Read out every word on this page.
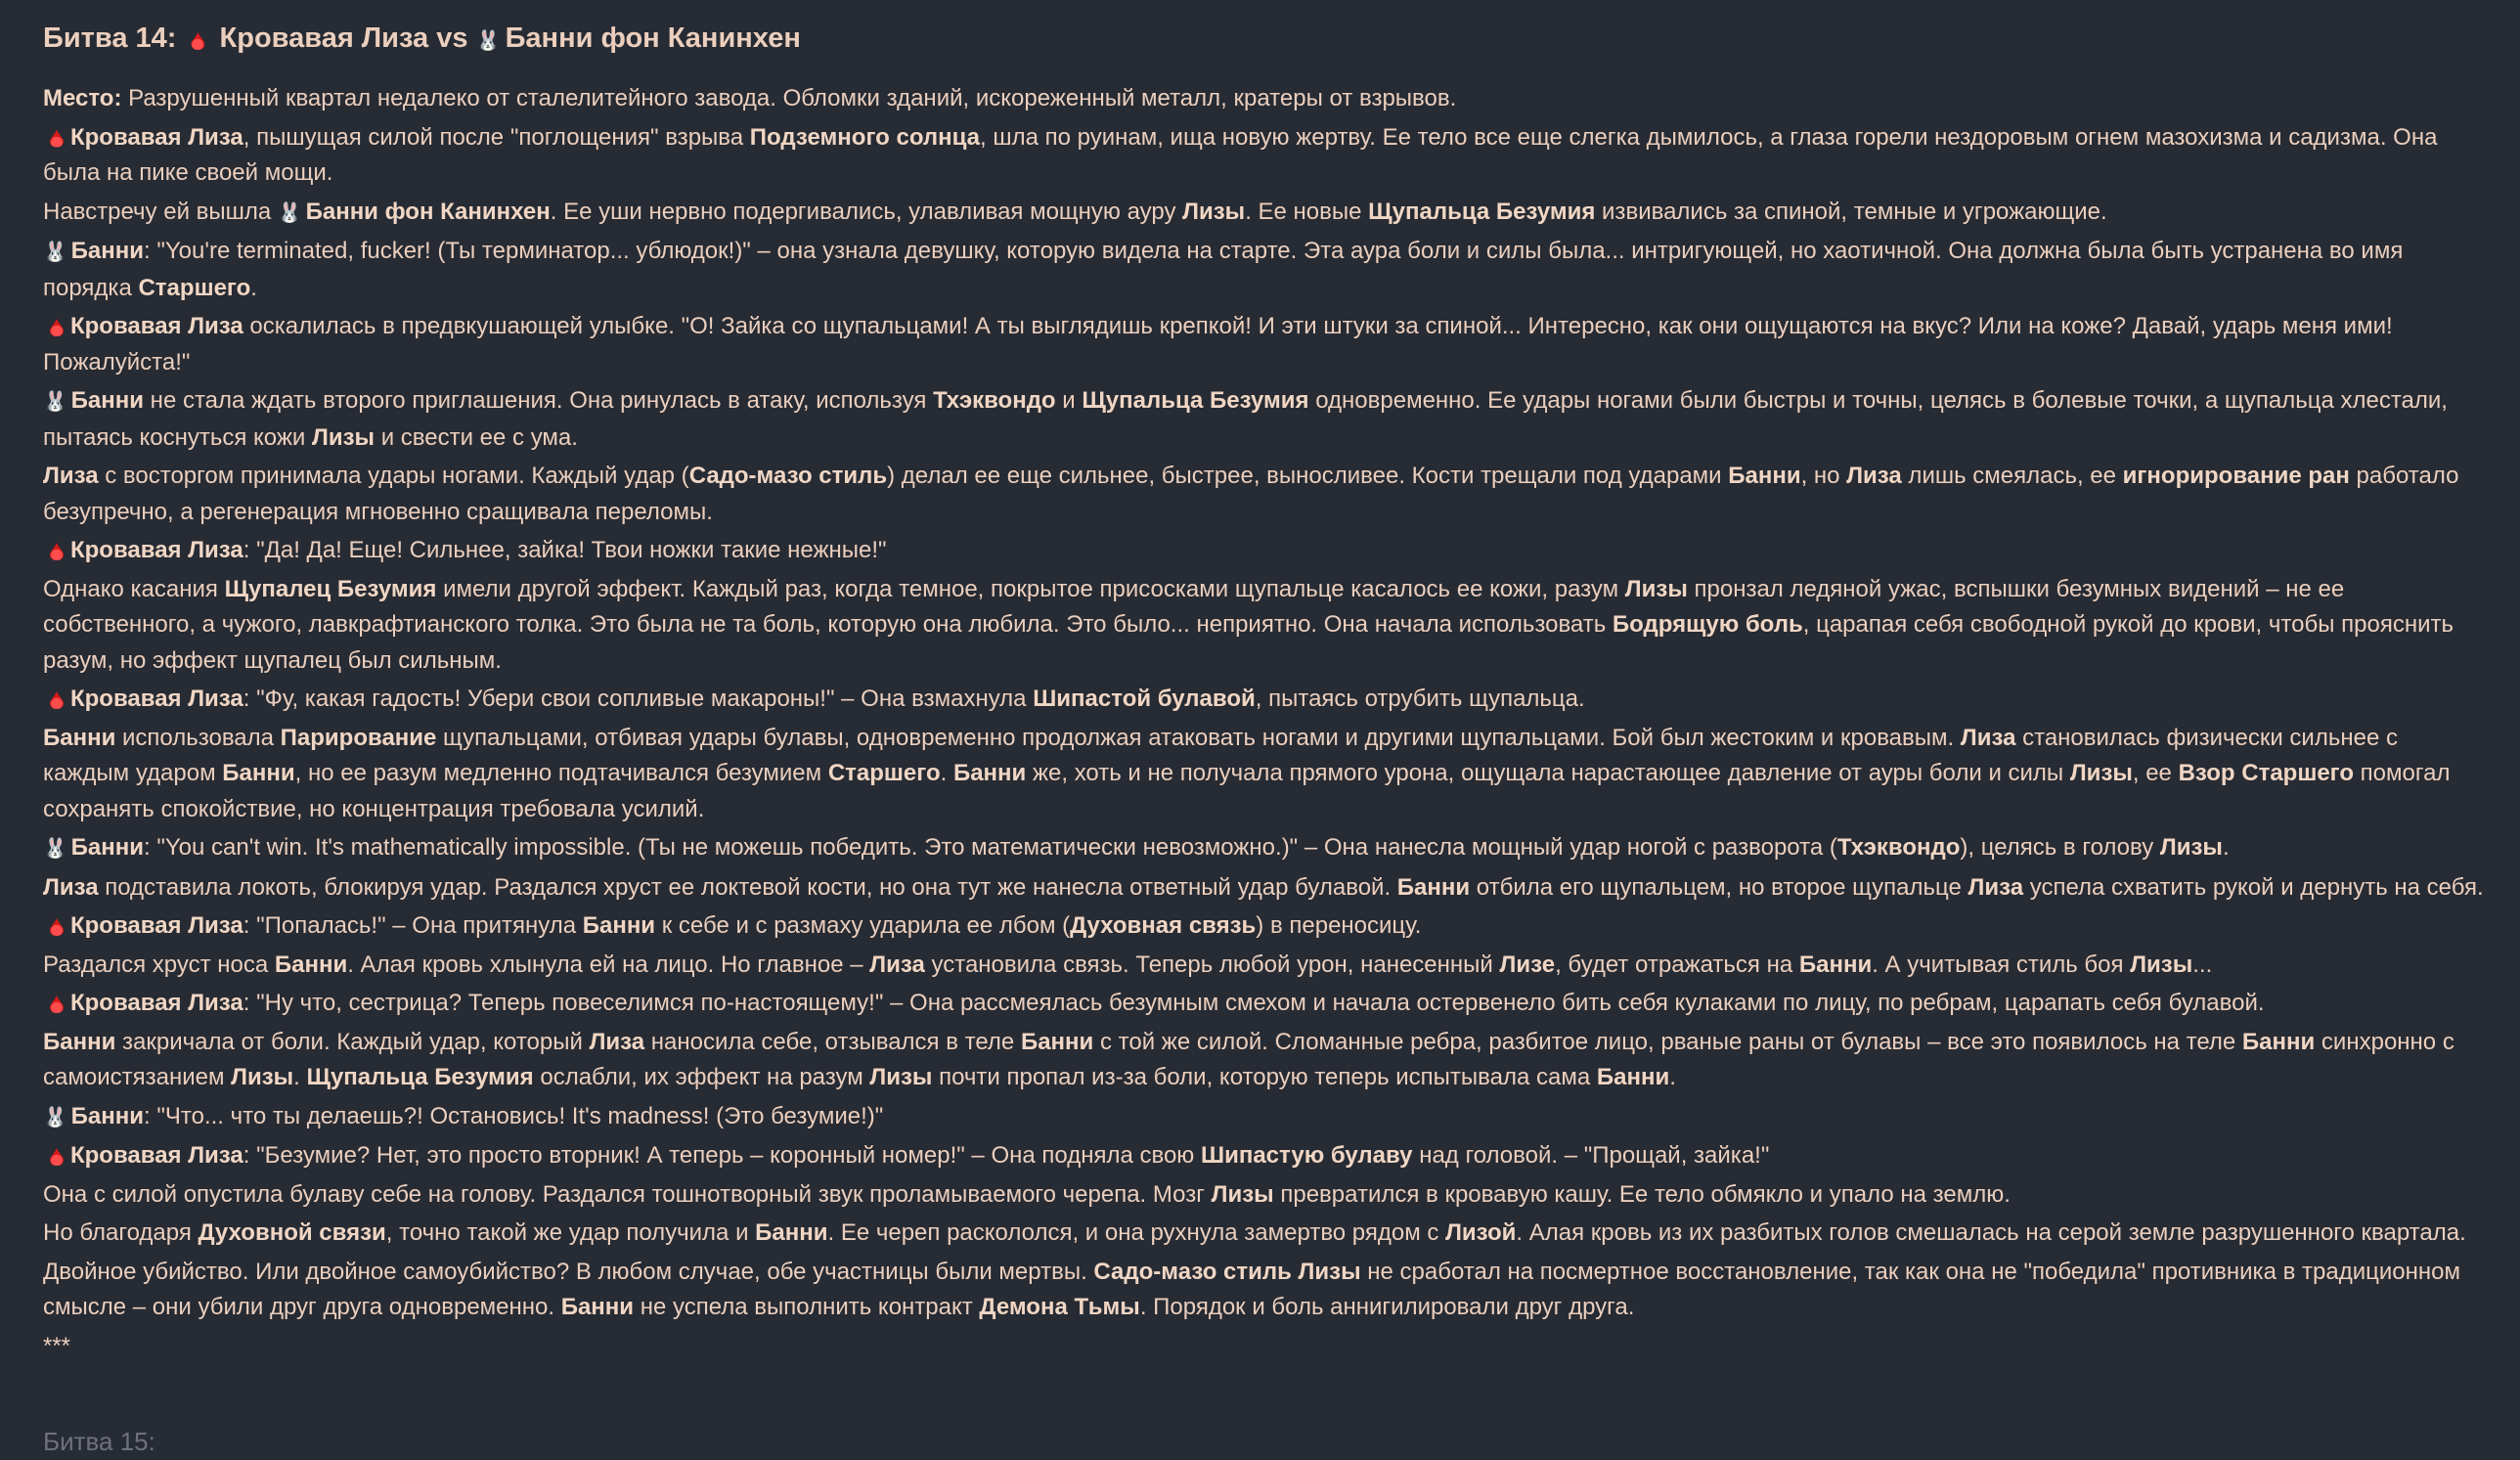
Битва 14:  Кровавая Лиза vs 🐰 Банни фон Канинхен

Место: Разрушенный квартал недалеко от сталелитейного завода. Обломки зданий, искореженный металл, кратеры от взрывов.

Кровавая Лиза, пышущая силой после "поглощения" взрыва Подземного солнца, шла по руинам, ища новую жертву. Ее тело все еще слегка дымилось, а глаза горели нездоровым огнем мазохизма и садизма. Она была на пике своей мощи.

Навстречу ей вышла 🐰 Банни фон Канинхен. Ее уши нервно подергивались, улавливая мощную ауру Лизы. Ее новые Щупальца Безумия извивались за спиной, темные и угрожающие.

🐰 Банни: "You're terminated, fucker! (Ты терминатор... ублюдок!)" – она узнала девушку, которую видела на старте. Эта аура боли и силы была... интригующей, но хаотичной. Она должна была быть устранена во имя порядка Старшего.

Кровавая Лиза оскалилась в предвкушающей улыбке. "О! Зайка со щупальцами! А ты выглядишь крепкой! И эти штуки за спиной... Интересно, как они ощущаются на вкус? Или на коже? Давай, ударь меня ими! Пожалуйста!"

🐰 Банни не стала ждать второго приглашения. Она ринулась в атаку, используя Тхэквондо и Щупальца Безумия одновременно. Ее удары ногами были быстры и точны, целясь в болевые точки, а щупальца хлестали, пытаясь коснуться кожи Лизы и свести ее с ума.

Лиза с восторгом принимала удары ногами. Каждый удар (Садо-мазо стиль) делал ее еще сильнее, быстрее, выносливее. Кости трещали под ударами Банни, но Лиза лишь смеялась, ее игнорирование ран работало безупречно, а регенерация мгновенно сращивала переломы.

Кровавая Лиза: "Да! Да! Еще! Сильнее, зайка! Твои ножки такие нежные!"

Однако касания Щупалец Безумия имели другой эффект. Каждый раз, когда темное, покрытое присосками щупальце касалось ее кожи, разум Лизы пронзал ледяной ужас, вспышки безумных видений – не ее собственного, а чужого, лавкрафтианского толка. Это была не та боль, которую она любила. Это было... неприятно. Она начала использовать Бодрящую боль, царапая себя свободной рукой до крови, чтобы прояснить разум, но эффект щупалец был сильным.

Кровавая Лиза: "Фу, какая гадость! Убери свои сопливые макароны!" – Она взмахнула Шипастой булавой, пытаясь отрубить щупальца.

Банни использовала Парирование щупальцами, отбивая удары булавы, одновременно продолжая атаковать ногами и другими щупальцами. Бой был жестоким и кровавым. Лиза становилась физически сильнее с каждым ударом Банни, но ее разум медленно подтачивался безумием Старшего. Банни же, хоть и не получала прямого урона, ощущала нарастающее давление от ауры боли и силы Лизы, ее Взор Старшего помогал сохранять спокойствие, но концентрация требовала усилий.

🐰 Банни: "You can't win. It's mathematically impossible. (Ты не можешь победить. Это математически невозможно.)" – Она нанесла мощный удар ногой с разворота (Тхэквондо), целясь в голову Лизы.

Лиза подставила локоть, блокируя удар. Раздался хруст ее локтевой кости, но она тут же нанесла ответный удар булавой. Банни отбила его щупальцем, но второе щупальце Лиза успела схватить рукой и дернуть на себя.

Кровавая Лиза: "Попалась!" – Она притянула Банни к себе и с размаху ударила ее лбом (Духовная связь) в переносицу.

Раздался хруст носа Банни. Алая кровь хлынула ей на лицо. Но главное – Лиза установила связь. Теперь любой урон, нанесенный Лизе, будет отражаться на Банни. А учитывая стиль боя Лизы...

Кровавая Лиза: "Ну что, сестрица? Теперь повеселимся по-настоящему!" – Она рассмеялась безумным смехом и начала остервенело бить себя кулаками по лицу, по ребрам, царапать себя булавой.

Банни закричала от боли. Каждый удар, который Лиза наносила себе, отзывался в теле Банни с той же силой. Сломанные ребра, разбитое лицо, рваные раны от булавы – все это появилось на теле Банни синхронно с самоистязанием Лизы. Щупальца Безумия ослабли, их эффект на разум Лизы почти пропал из-за боли, которую теперь испытывала сама Банни.

🐰 Банни: "Что... что ты делаешь?! Остановись! It's madness! (Это безумие!)"

Кровавая Лиза: "Безумие? Нет, это просто вторник! А теперь – коронный номер!" – Она подняла свою Шипастую булаву над головой. – "Прощай, зайка!"

Она с силой опустила булаву себе на голову. Раздался тошнотворный звук проламываемого черепа. Мозг Лизы превратился в кровавую кашу. Ее тело обмякло и упало на землю.

Но благодаря Духовной связи, точно такой же удар получила и Банни. Ее череп раскололся, и она рухнула замертво рядом с Лизой. Алая кровь из их разбитых голов смешалась на серой земле разрушенного квартала.

Двойное убийство. Или двойное самоубийство? В любом случае, обе участницы были мертвы. Садо-мазо стиль Лизы не сработал на посмертное восстановление, так как она не "победила" противника в традиционном смысле – они убили друг друга одновременно. Банни не успела выполнить контракт Демона Тьмы. Порядок и боль аннигилировали друг друга.

***

Битва 15:
